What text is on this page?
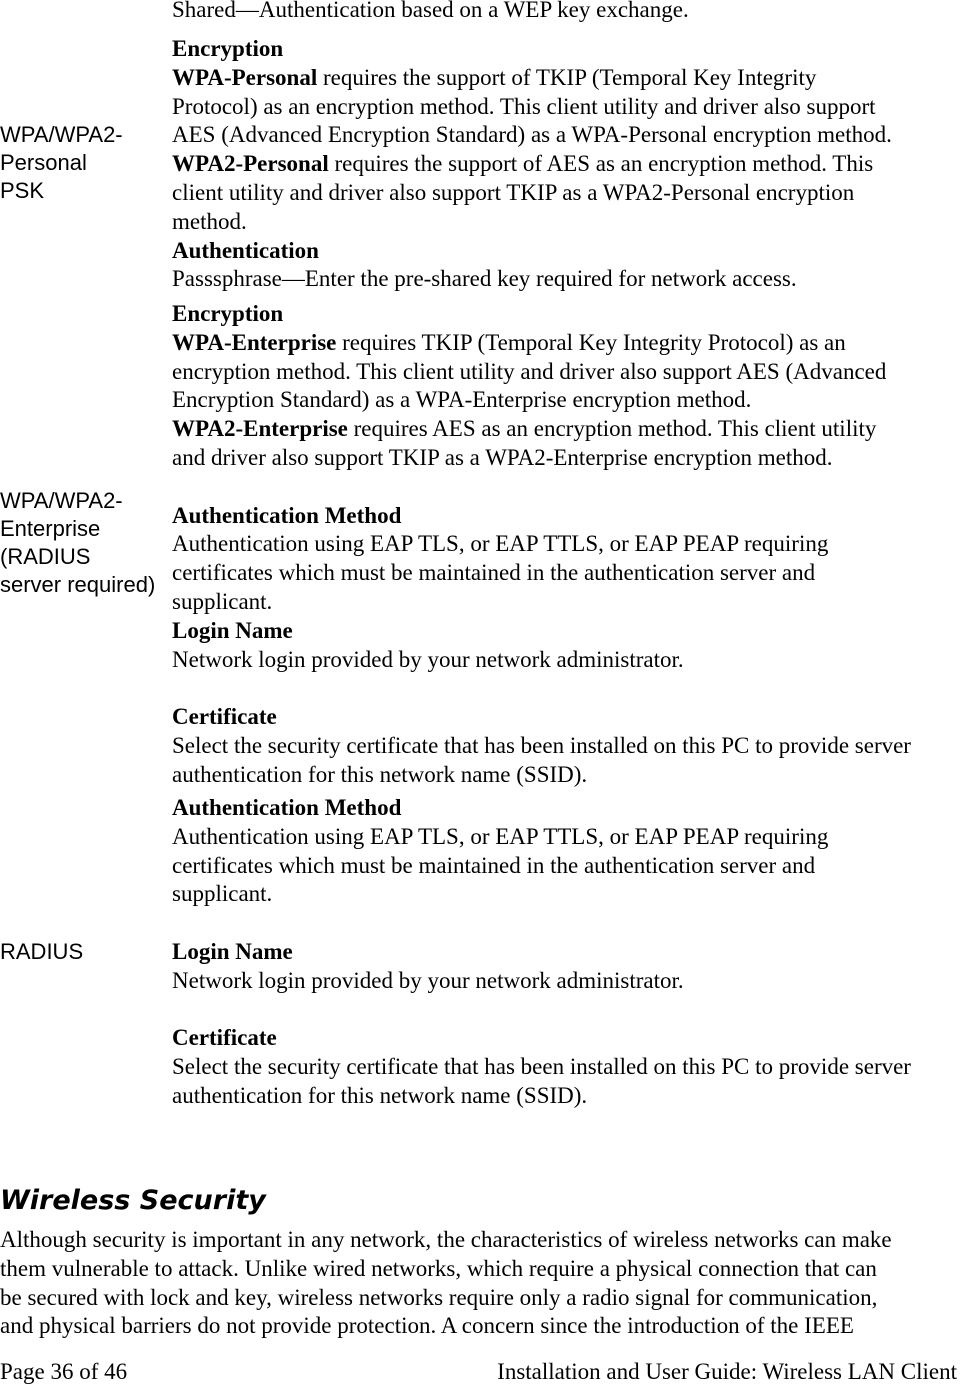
Shared—Authentication based on a WEP key exchange.
WPA/WPA2-
Personal
PSK
Encryption
WPA-Personal requires the support of TKIP (Temporal Key Integrity
Protocol) as an encryption method. This client utility and driver also support
AES (Advanced Encryption Standard) as a WPA-Personal encryption method.
WPA2-Personal requires the support of AES as an encryption method. This
client utility and driver also support TKIP as a WPA2-Personal encryption
method.
Authentication
Passsphrase—Enter the pre-shared key required for network access.
WPA/WPA2-
Enterprise
(RADIUS
server required)
Encryption
WPA-Enterprise requires TKIP (Temporal Key Integrity Protocol) as an
encryption method. This client utility and driver also support AES (Advanced
Encryption Standard) as a WPA-Enterprise encryption method.
WPA2-Enterprise requires AES as an encryption method. This client utility
and driver also support TKIP as a WPA2-Enterprise encryption method.
Authentication Method
Authentication using EAP TLS, or EAP TTLS, or EAP PEAP requiring
certificates which must be maintained in the authentication server and
supplicant.
Login Name
Network login provided by your network administrator.
Certificate
Select the security certificate that has been installed on this PC to provide server
authentication for this network name (SSID).
RADIUS
Authentication Method
Authentication using EAP TLS, or EAP TTLS, or EAP PEAP requiring
certificates which must be maintained in the authentication server and
supplicant.
Login Name
Network login provided by your network administrator.
Certificate
Select the security certificate that has been installed on this PC to provide server
authentication for this network name (SSID).
Wireless Security
Although security is important in any network, the characteristics of wireless networks can make
them vulnerable to attack. Unlike wired networks, which require a physical connection that can
be secured with lock and key, wireless networks require only a radio signal for communication,
and physical barriers do not provide protection. A concern since the introduction of the IEEE
Page 36 of 46	Installation and User Guide: Wireless LAN Client
